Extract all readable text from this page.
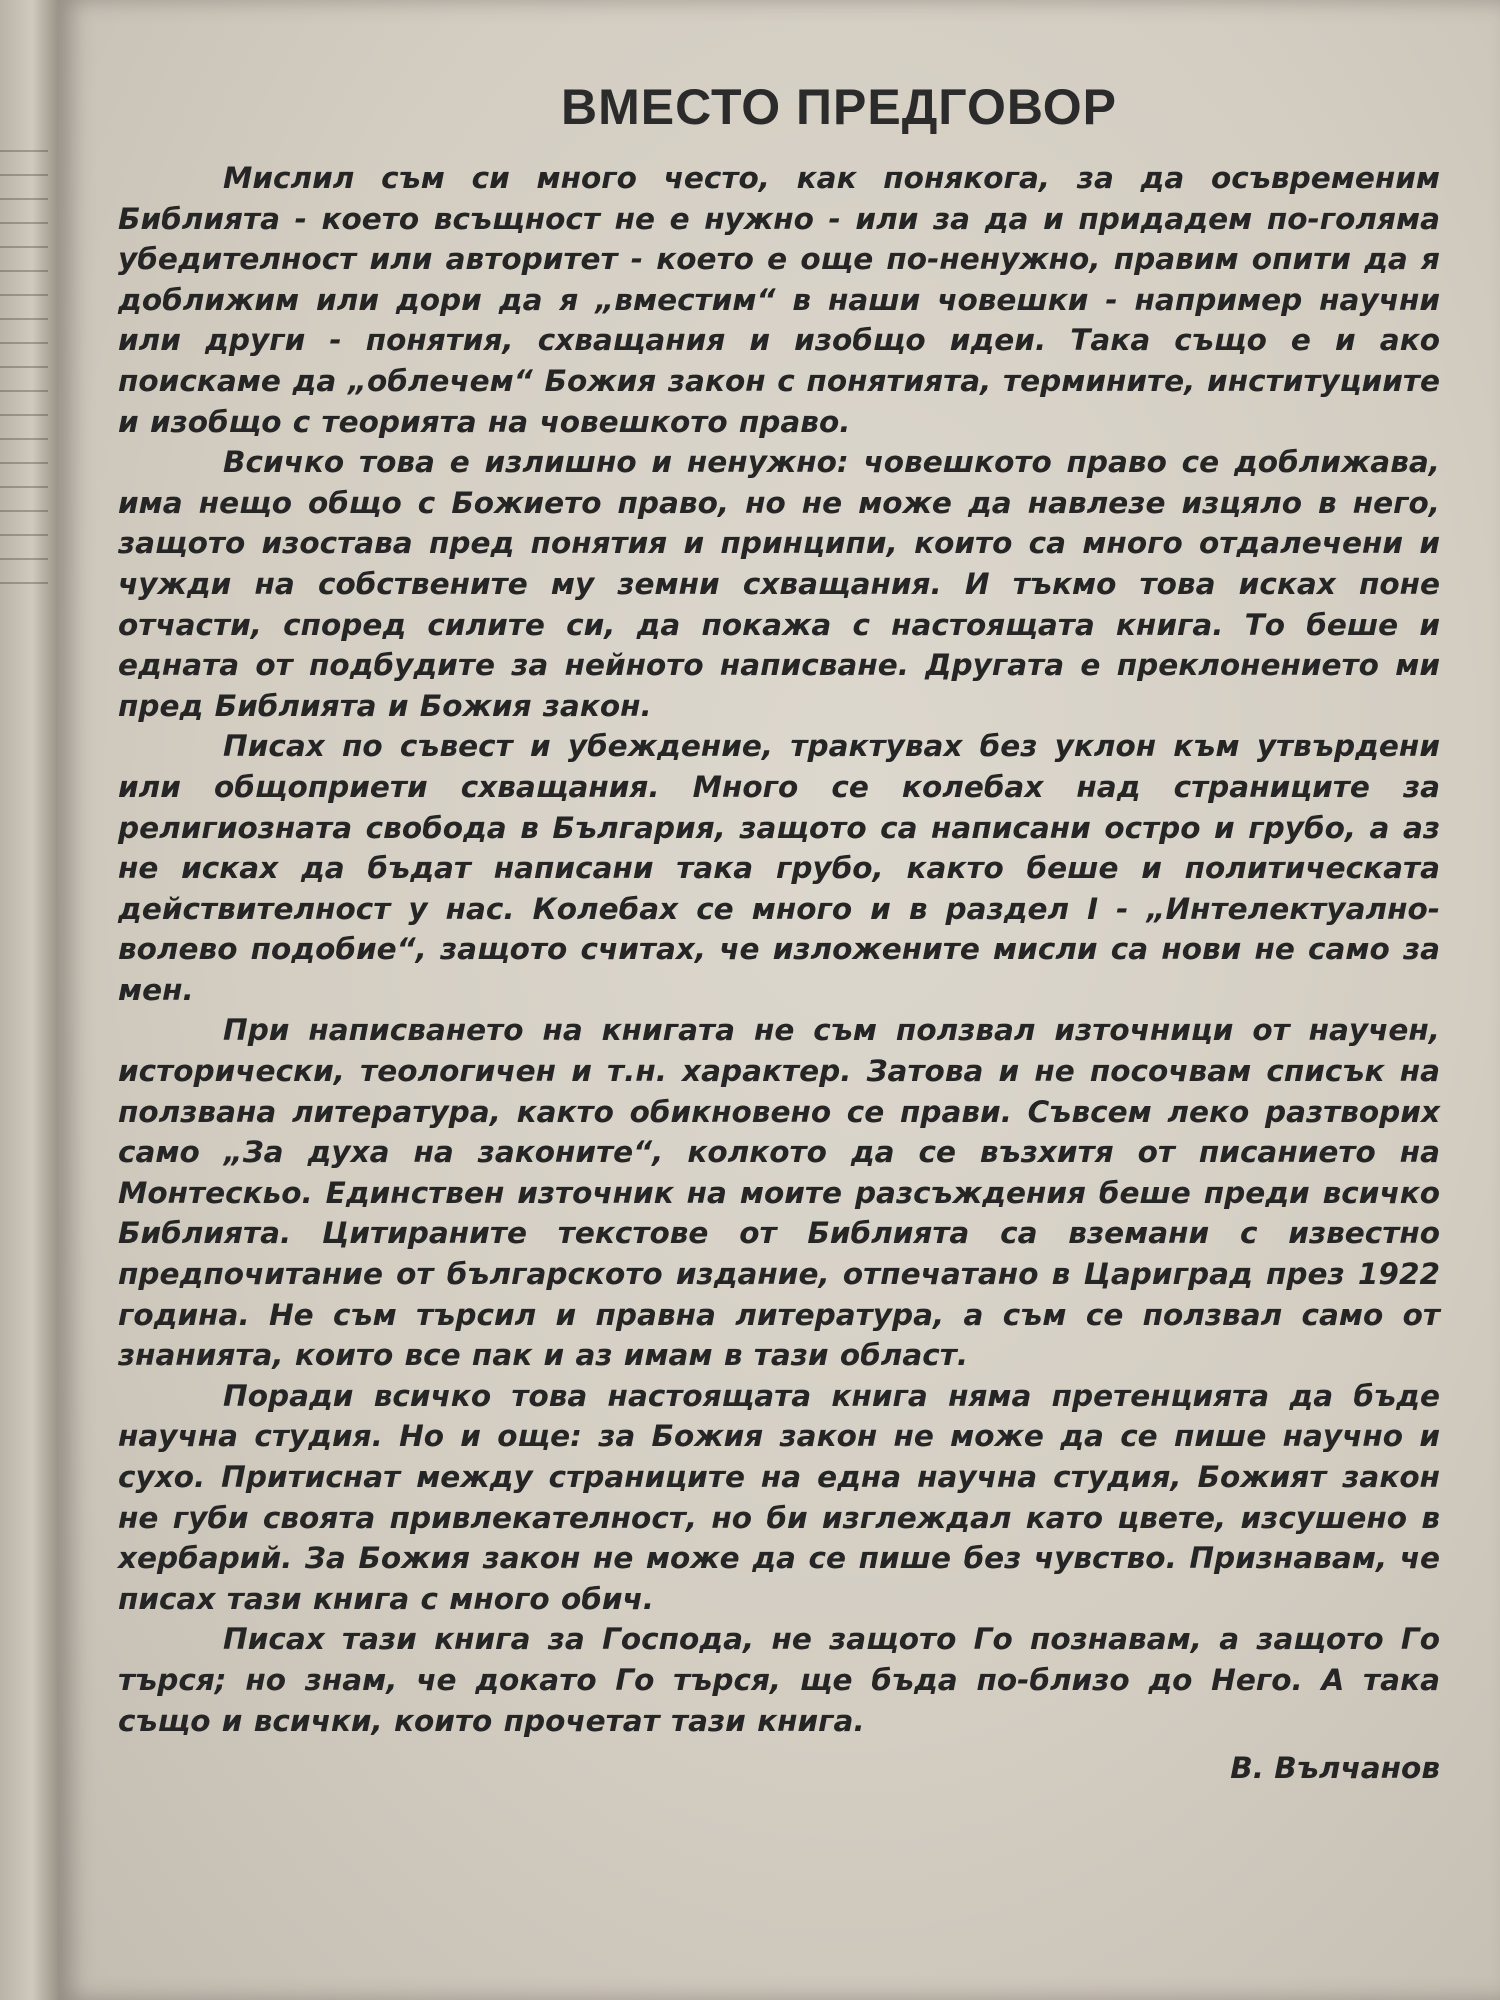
ВМЕСТО ПРЕДГОВОР

Мислил съм си много често, как понякога, за да осъвременим Библията - което всъщност не е нужно - или за да и придадем по-голяма убедителност или авторитет - което е още по-ненужно, правим опити да я доближим или дори да я „вместим“ в наши човешки - например научни или други - понятия, схващания и изобщо идеи. Така също е и ако поискаме да „облечем“ Божия закон с понятията, термините, институциите и изобщо с теорията на човешкото право.

Всичко това е излишно и ненужно: човешкото право се доближава, има нещо общо с Божието право, но не може да навлезе изцяло в него, защото изостава пред понятия и принципи, които са много отдалечени и чужди на собствените му земни схващания. И тъкмо това исках поне отчасти, според силите си, да покажа с настоящата книга. То беше и едната от подбудите за нейното написване. Другата е преклонението ми пред Библията и Божия закон.

Писах по съвест и убеждение, трактувах без уклон към утвърдени или общоприети схващания. Много се колебах над страниците за религиозната свобода в България, защото са написани остро и грубо, а аз не исках да бъдат написани така грубо, както беше и политическата действителност у нас. Колебах се много и в раздел I - „Интелектуално-волево подобие“, защото считах, че изложените мисли са нови не само за мен.

При написването на книгата не съм ползвал източници от научен, исторически, теологичен и т.н. характер. Затова и не посочвам списък на ползвана литература, както обикновено се прави. Съвсем леко разтворих само „За духа на законите“, колкото да се възхитя от писанието на Монтескьо. Единствен източник на моите разсъждения беше преди всичко Библията. Цитираните текстове от Библията са вземани с известно предпочитание от българското издание, отпечатано в Цариград през 1922 година. Не съм търсил и правна литература, а съм се ползвал само от знанията, които все пак и аз имам в тази област.

Поради всичко това настоящата книга няма претенцията да бъде научна студия. Но и още: за Божия закон не може да се пише научно и сухо. Притиснат между страниците на една научна студия, Божият закон не губи своята привлекателност, но би изглеждал като цвете, изсушено в хербарий. За Божия закон не може да се пише без чувство. Признавам, че писах тази книга с много обич.

Писах тази книга за Господа, не защото Го познавам, а защото Го търся; но знам, че докато Го търся, ще бъда по-близо до Него. А така също и всички, които прочетат тази книга.

В. Вълчанов
